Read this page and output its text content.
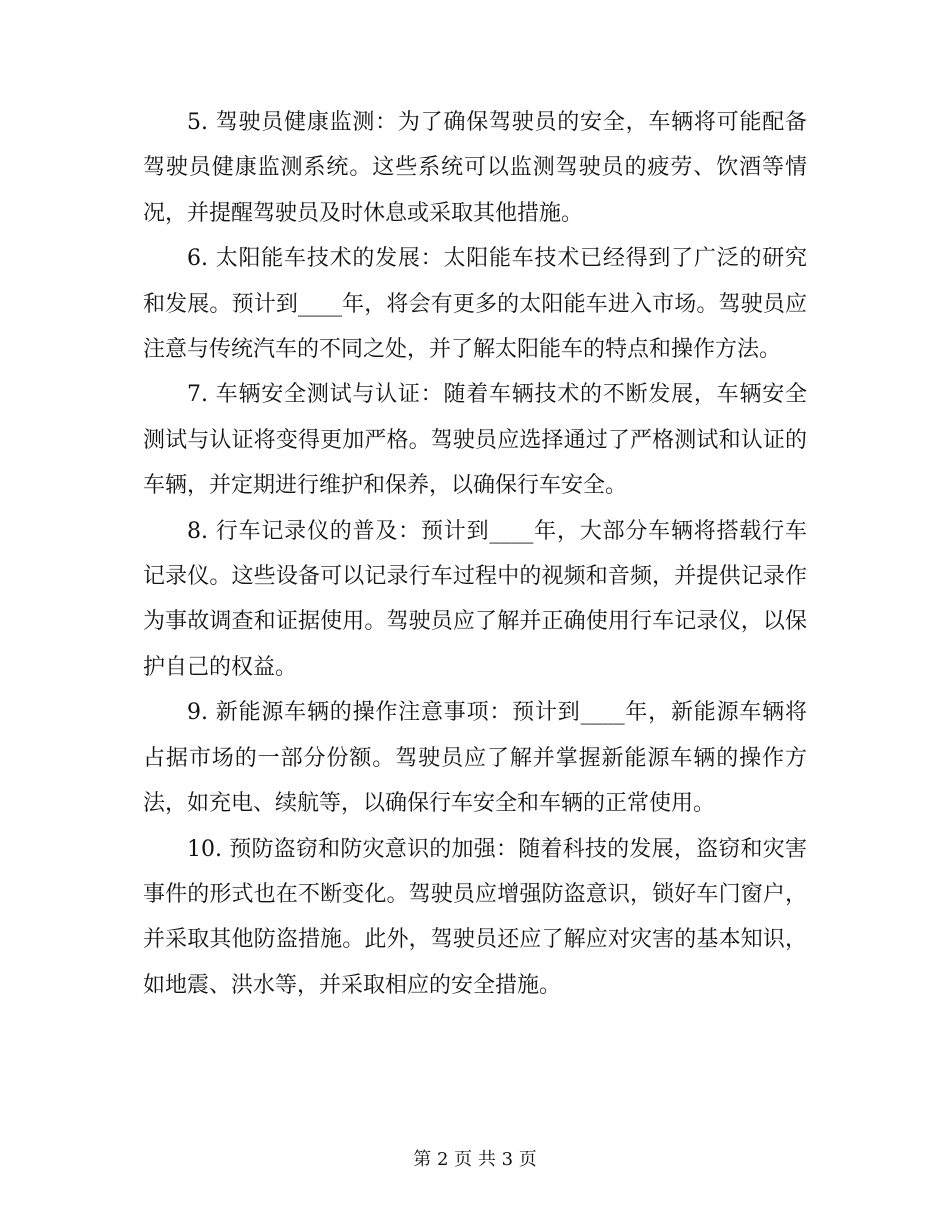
5. 驾驶员健康监测：为了确保驾驶员的安全，车辆将可能配备驾驶员健康监测系统。这些系统可以监测驾驶员的疲劳、饮酒等情况，并提醒驾驶员及时休息或采取其他措施。

6. 太阳能车技术的发展：太阳能车技术已经得到了广泛的研究和发展。预计到____年，将会有更多的太阳能车进入市场。驾驶员应注意与传统汽车的不同之处，并了解太阳能车的特点和操作方法。

7. 车辆安全测试与认证：随着车辆技术的不断发展，车辆安全测试与认证将变得更加严格。驾驶员应选择通过了严格测试和认证的车辆，并定期进行维护和保养，以确保行车安全。

8. 行车记录仪的普及：预计到____年，大部分车辆将搭载行车记录仪。这些设备可以记录行车过程中的视频和音频，并提供记录作为事故调查和证据使用。驾驶员应了解并正确使用行车记录仪，以保护自己的权益。

9. 新能源车辆的操作注意事项：预计到____年，新能源车辆将占据市场的一部分份额。驾驶员应了解并掌握新能源车辆的操作方法，如充电、续航等，以确保行车安全和车辆的正常使用。

10. 预防盗窃和防灾意识的加强：随着科技的发展，盗窃和灾害事件的形式也在不断变化。驾驶员应增强防盗意识，锁好车门窗户，并采取其他防盗措施。此外，驾驶员还应了解应对灾害的基本知识，如地震、洪水等，并采取相应的安全措施。

第 2 页 共 3 页
